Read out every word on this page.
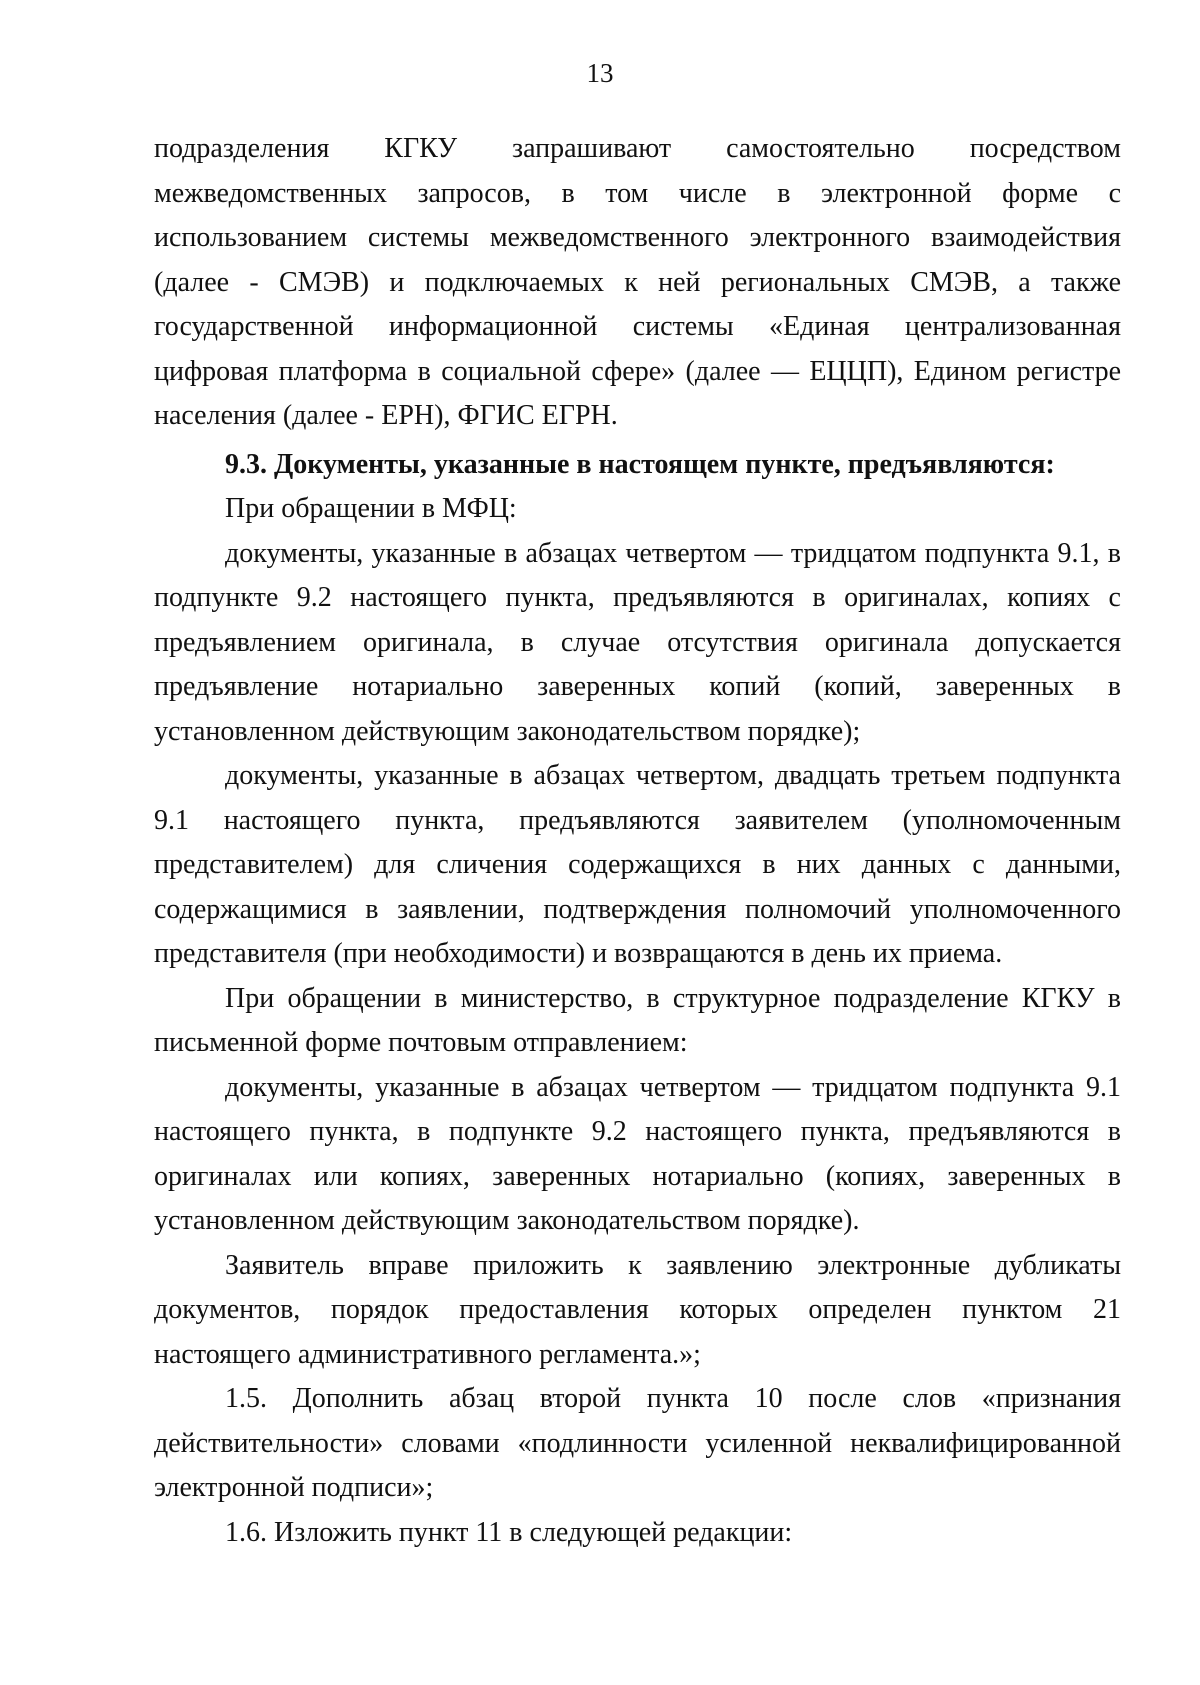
13

подразделения КГКУ запрашивают самостоятельно посредством межведомственных запросов, в том числе в электронной форме с использованием системы межведомственного электронного взаимодействия (далее - СМЭВ) и подключаемых к ней региональных СМЭВ, а также государственной информационной системы «Единая централизованная цифровая платформа в социальной сфере» (далее — ЕЦЦП), Едином регистре населения (далее - ЕРН), ФГИС ЕГРН.

9.3. Документы, указанные в настоящем пункте, предъявляются:

При обращении в МФЦ:

документы, указанные в абзацах четвертом — тридцатом подпункта 9.1, в подпункте 9.2 настоящего пункта, предъявляются в оригиналах, копиях с предъявлением оригинала, в случае отсутствия оригинала допускается предъявление нотариально заверенных копий (копий, заверенных в установленном действующим законодательством порядке);

документы, указанные в абзацах четвертом, двадцать третьем подпункта 9.1 настоящего пункта, предъявляются заявителем (уполномоченным представителем) для сличения содержащихся в них данных с данными, содержащимися в заявлении, подтверждения полномочий уполномоченного представителя (при необходимости) и возвращаются в день их приема.

При обращении в министерство, в структурное подразделение КГКУ в письменной форме почтовым отправлением:

документы, указанные в абзацах четвертом — тридцатом подпункта 9.1 настоящего пункта, в подпункте 9.2 настоящего пункта, предъявляются в оригиналах или копиях, заверенных нотариально (копиях, заверенных в установленном действующим законодательством порядке).

Заявитель вправе приложить к заявлению электронные дубликаты документов, порядок предоставления которых определен пунктом 21 настоящего административного регламента.»;

1.5. Дополнить абзац второй пункта 10 после слов «признания действительности» словами «подлинности усиленной неквалифицированной электронной подписи»;

1.6. Изложить пункт 11 в следующей редакции:
